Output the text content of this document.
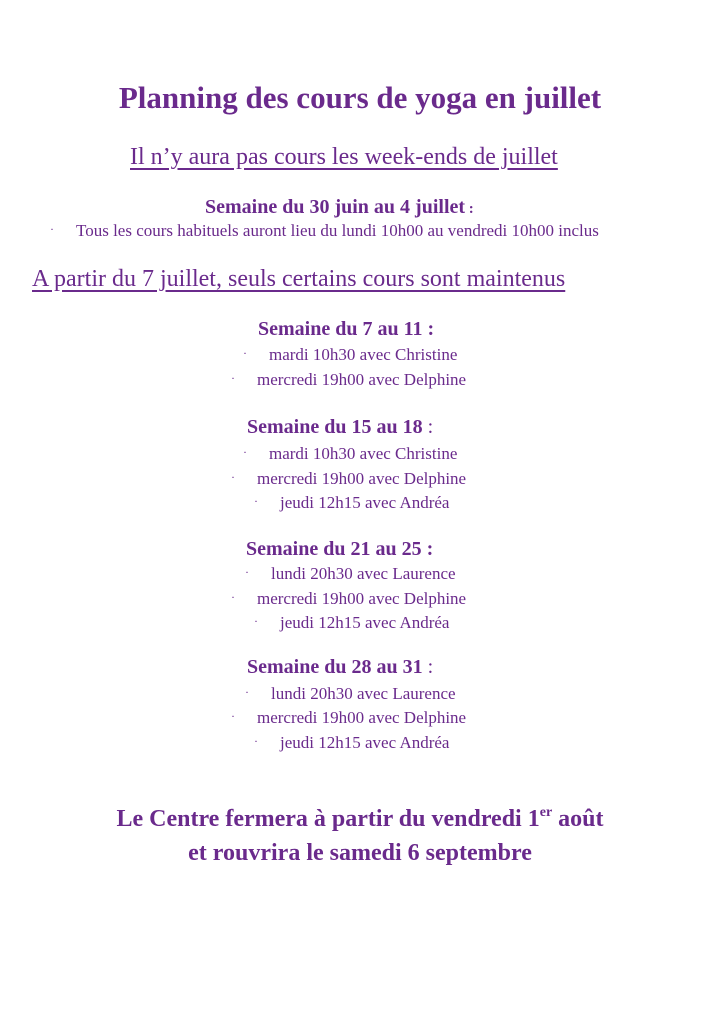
Planning des cours de yoga en juillet
Il n’y aura pas cours les week-ends de juillet
Semaine du 30 juin au 4 juillet :
· Tous les cours habituels auront lieu du lundi 10h00 au vendredi 10h00 inclus
A partir du 7 juillet, seuls certains cours sont maintenus
Semaine du 7 au 11 :
· mardi 10h30 avec Christine
· mercredi 19h00 avec Delphine
Semaine du 15 au 18 :
· mardi 10h30 avec Christine
· mercredi 19h00 avec Delphine
· jeudi 12h15 avec Andréa
Semaine du 21 au 25 :
· lundi 20h30 avec Laurence
· mercredi 19h00 avec Delphine
· jeudi 12h15 avec Andréa
Semaine du 28 au 31 :
· lundi 20h30 avec Laurence
· mercredi 19h00 avec Delphine
· jeudi 12h15 avec Andréa
Le Centre fermera à partir du vendredi 1er août
et rouvrira le samedi 6 septembre
